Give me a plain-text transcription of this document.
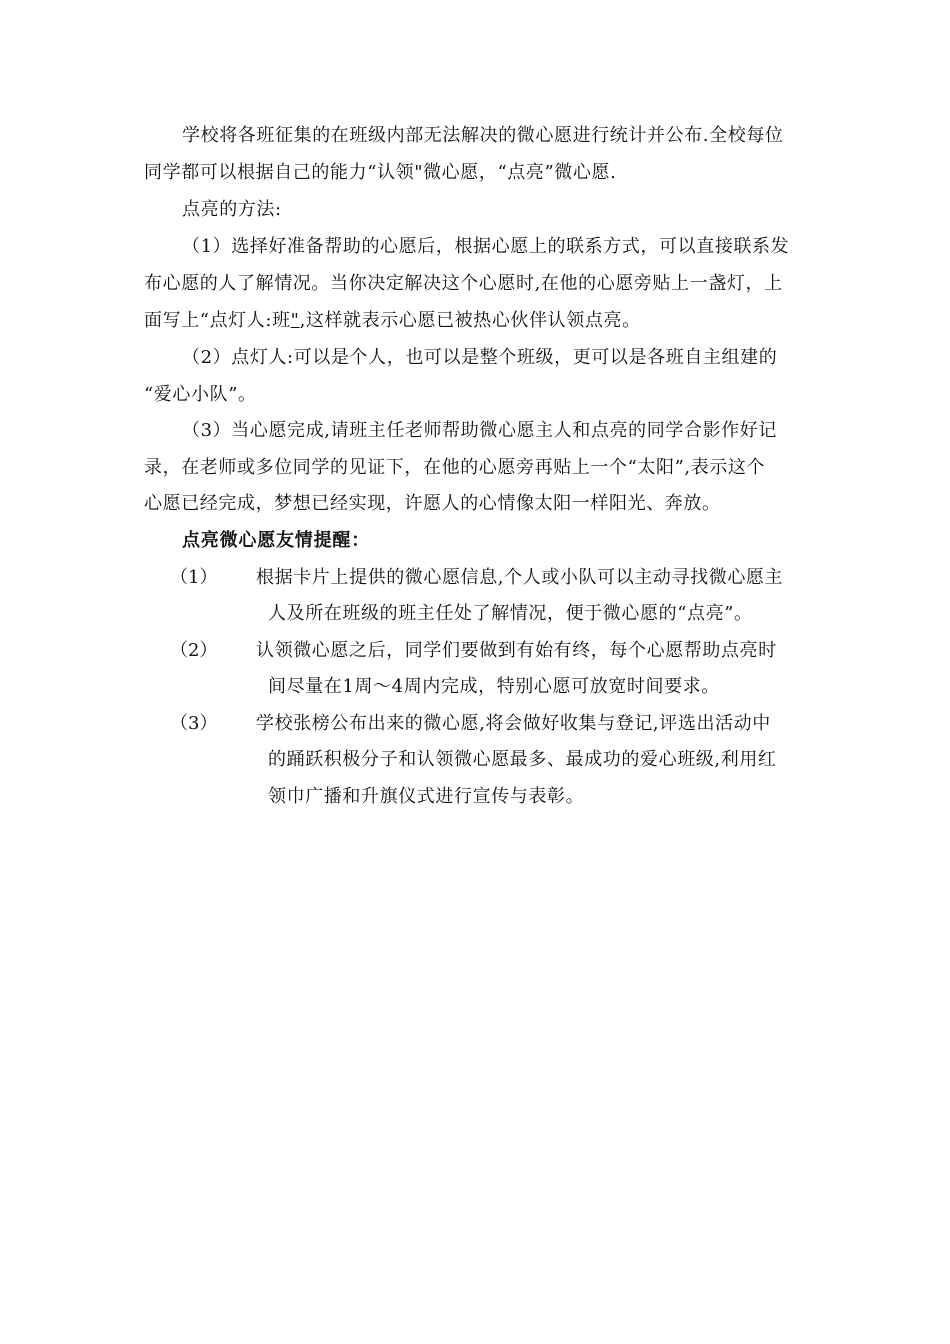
学校将各班征集的在班级内部无法解决的微心愿进行统计并公布.全校每位
同学都可以根据自己的能力“认领"微心愿，“点亮”微心愿.
点亮的方法:
（1）选择好准备帮助的心愿后，根据心愿上的联系方式，可以直接联系发
布心愿的人了解情况。当你决定解决这个心愿时,在他的心愿旁贴上一盏灯，上
面写上“点灯人:班",这样就表示心愿已被热心伙伴认领点亮。
（2）点灯人:可以是个人，也可以是整个班级，更可以是各班自主组建的
“爱心小队”。
（3）当心愿完成,请班主任老师帮助微心愿主人和点亮的同学合影作好记
录，在老师或多位同学的见证下，在他的心愿旁再贴上一个“太阳”,表示这个
心愿已经完成，梦想已经实现，许愿人的心情像太阳一样阳光、奔放。
点亮微心愿友情提醒：
（1） 根据卡片上提供的微心愿信息,个人或小队可以主动寻找微心愿主
人及所在班级的班主任处了解情况，便于微心愿的“点亮”。
（2） 认领微心愿之后，同学们要做到有始有终，每个心愿帮助点亮时
间尽量在1周～4周内完成，特别心愿可放宽时间要求。
（3） 学校张榜公布出来的微心愿,将会做好收集与登记,评选出活动中
的踊跃积极分子和认领微心愿最多、最成功的爱心班级,利用红
领巾广播和升旗仪式进行宣传与表彰。
